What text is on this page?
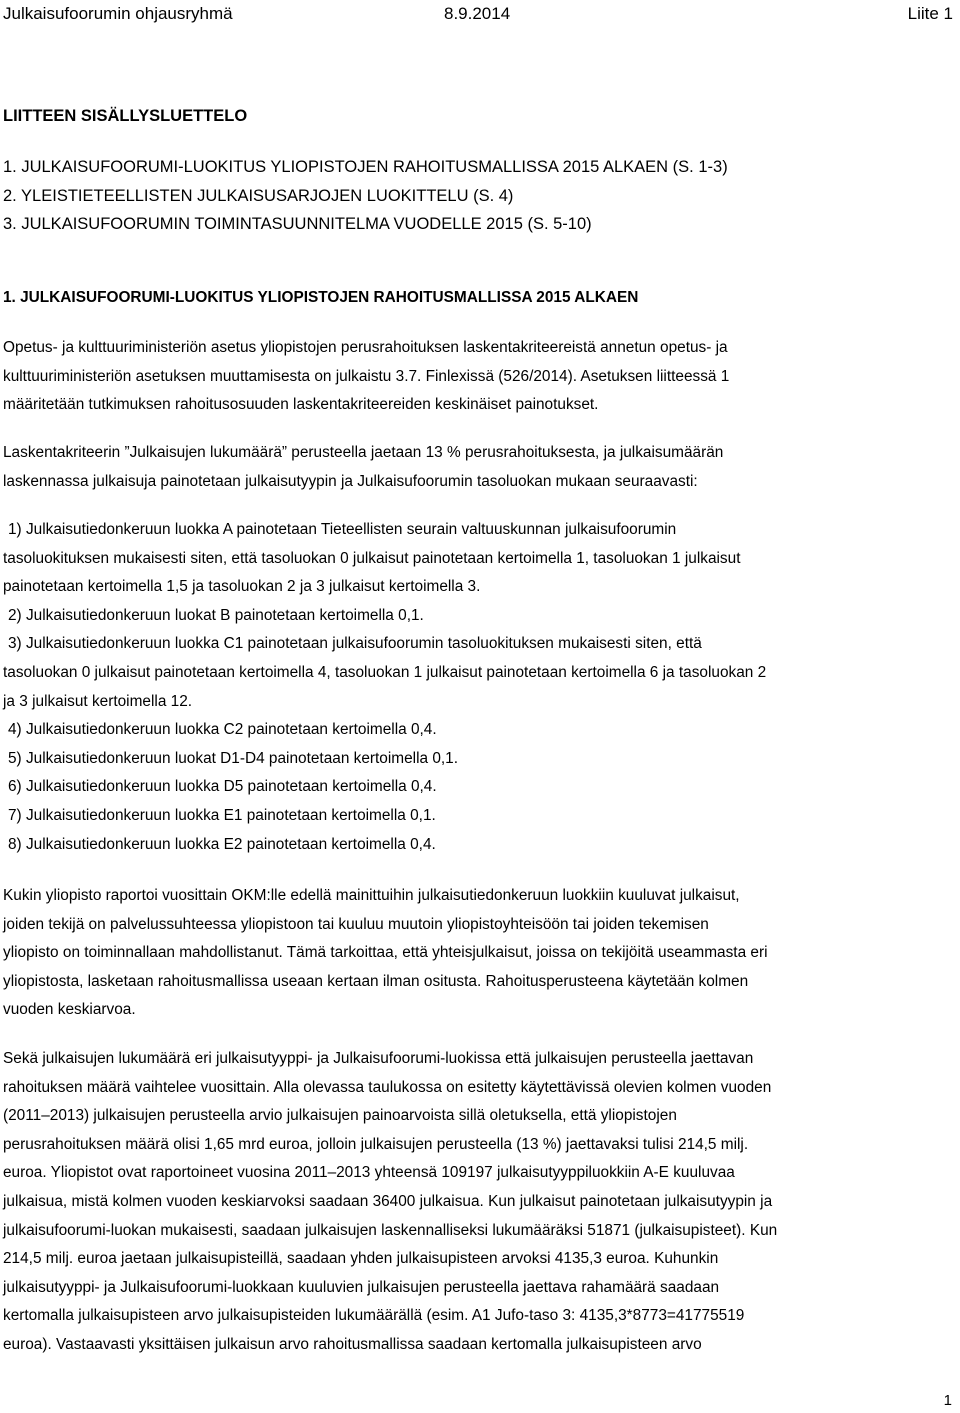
Julkaisufoorumin ohjausryhmä	8.9.2014	Liite 1
LIITTEEN SISÄLLYSLUETTELO
1. JULKAISUFOORUMI-LUOKITUS YLIOPISTOJEN RAHOITUSMALLISSA 2015 ALKAEN (S. 1-3)
2. YLEISTIETEELLISTEN JULKAISUSARJOJEN LUOKITTELU (S. 4)
3. JULKAISUFOORUMIN TOIMINTASUUNNITELMA VUODELLE 2015 (S. 5-10)
1. JULKAISUFOORUMI-LUOKITUS YLIOPISTOJEN RAHOITUSMALLISSA 2015 ALKAEN

Opetus- ja kulttuuriministeriön asetus yliopistojen perusrahoituksen laskentakriteereistä annetun opetus- ja

kulttuuriministeriön asetuksen muuttamisesta on julkaistu 3.7. Finlexissä (526/2014). Asetuksen liitteessä 1

määritetään tutkimuksen rahoitusosuuden laskentakriteereiden keskinäiset painotukset.

Laskentakriteerin ”Julkaisujen lukumäärä” perusteella jaetaan 13 % perusrahoituksesta, ja julkaisumäärän

laskennassa julkaisuja painotetaan julkaisutyypin ja Julkaisufoorumin tasoluokan mukaan seuraavasti:

1) Julkaisutiedonkeruun luokka A painotetaan Tieteellisten seurain valtuuskunnan julkaisufoorumin

tasoluokituksen mukaisesti siten, että tasoluokan 0 julkaisut painotetaan kertoimella 1, tasoluokan 1 julkaisut

painotetaan kertoimella 1,5 ja tasoluokan 2 ja 3 julkaisut kertoimella 3.

2) Julkaisutiedonkeruun luokat B painotetaan kertoimella 0,1.

3) Julkaisutiedonkeruun luokka C1 painotetaan julkaisufoorumin tasoluokituksen mukaisesti siten, että

tasoluokan 0 julkaisut painotetaan kertoimella 4, tasoluokan 1 julkaisut painotetaan kertoimella 6 ja tasoluokan 2

ja 3 julkaisut kertoimella 12.

4) Julkaisutiedonkeruun luokka C2 painotetaan kertoimella 0,4.

5) Julkaisutiedonkeruun luokat D1-D4 painotetaan kertoimella 0,1.

6) Julkaisutiedonkeruun luokka D5 painotetaan kertoimella 0,4.

7) Julkaisutiedonkeruun luokka E1 painotetaan kertoimella 0,1.

8) Julkaisutiedonkeruun luokka E2 painotetaan kertoimella 0,4.

Kukin yliopisto raportoi vuosittain OKM:lle edellä mainittuihin julkaisutiedonkeruun luokkiin kuuluvat julkaisut,

joiden tekijä on palvelussuhteessa yliopistoon tai kuuluu muutoin yliopistoyhteisöön tai joiden tekemisen

yliopisto on toiminnallaan mahdollistanut. Tämä tarkoittaa, että yhteisjulkaisut, joissa on tekijöitä useammasta eri

yliopistosta, lasketaan rahoitusmallissa useaan kertaan ilman ositusta. Rahoitusperusteena käytetään kolmen

vuoden keskiarvoa.

Sekä julkaisujen lukumäärä eri julkaisutyyppi- ja Julkaisufoorumi-luokissa että julkaisujen perusteella jaettavan

rahoituksen määrä vaihtelee vuosittain. Alla olevassa taulukossa on esitetty käytettävissä olevien kolmen vuoden

(2011–2013) julkaisujen perusteella arvio julkaisujen painoarvoista sillä oletuksella, että yliopistojen

perusrahoituksen määrä olisi 1,65 mrd euroa, jolloin julkaisujen perusteella (13 %) jaettavaksi tulisi 214,5 milj.

euroa. Yliopistot ovat raportoineet vuosina 2011–2013 yhteensä 109197 julkaisutyyppiluokkiin A-E kuuluvaa

julkaisua, mistä kolmen vuoden keskiarvoksi saadaan 36400 julkaisua. Kun julkaisut painotetaan julkaisutyypin ja

julkaisufoorumi-luokan mukaisesti, saadaan julkaisujen laskennalliseksi lukumääräksi 51871 (julkaisupisteet). Kun

214,5 milj. euroa jaetaan julkaisupisteillä, saadaan yhden julkaisupisteen arvoksi 4135,3 euroa. Kuhunkin

julkaisutyyppi- ja Julkaisufoorumi-luokkaan kuuluvien julkaisujen perusteella jaettava rahamäärä saadaan

kertomalla julkaisupisteen arvo julkaisupisteiden lukumäärällä (esim. A1 Jufo-taso 3: 4135,3*8773=41775519

euroa). Vastaavasti yksittäisen julkaisun arvo rahoitusmallissa saadaan kertomalla julkaisupisteen arvo

1
